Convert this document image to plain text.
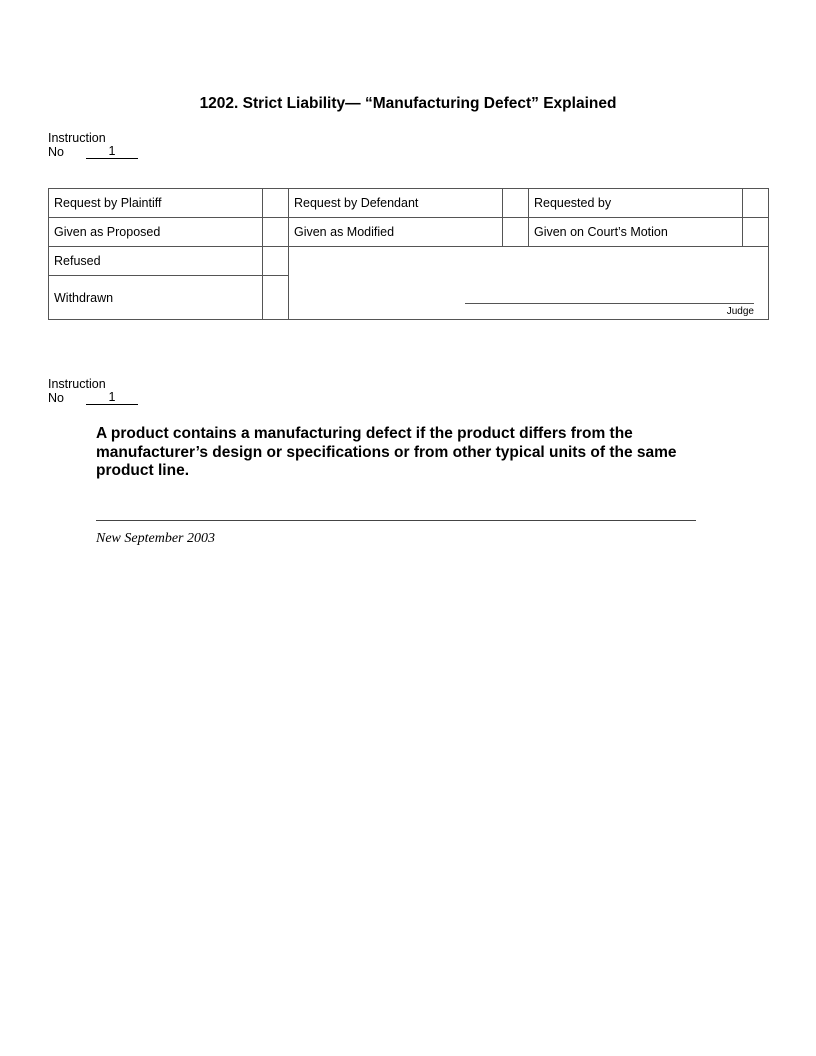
1202. Strict Liability— “Manufacturing Defect” Explained
Instruction
No	1
Request by Plaintiff		Request by Defendant		Requested by	
Given as Proposed		Given as Modified		Given on Court’s Motion	
Refused		Judge			

Withdrawn					
Instruction
No	1
A product contains a manufacturing defect if the product differs from the manufacturer’s design or specifications or from other typical units of the same product line.
New September 2003
